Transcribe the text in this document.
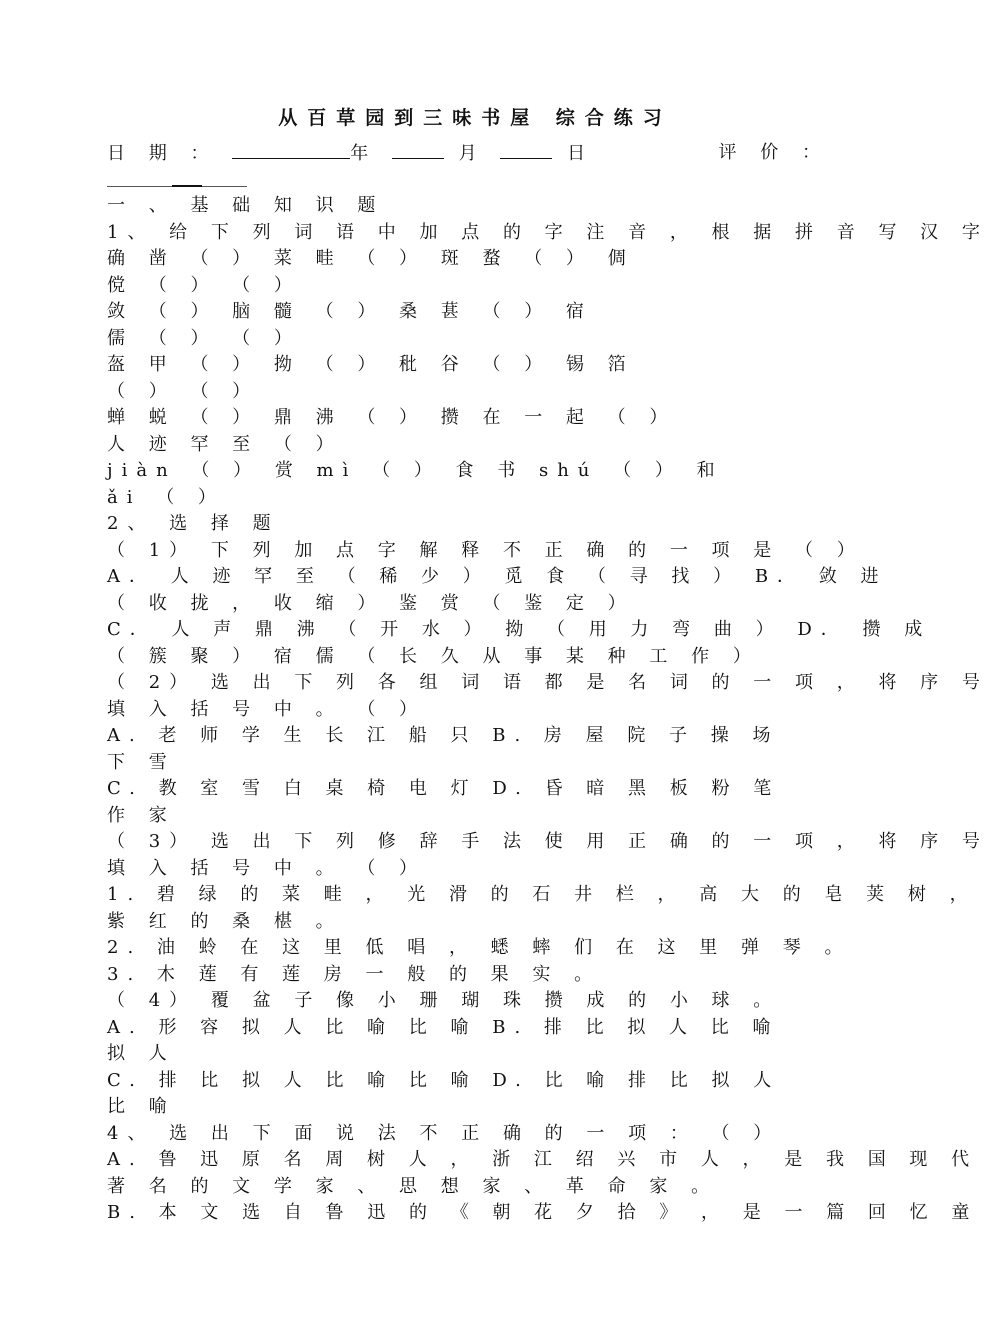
从百草园到三味书屋 综合练习
日 期 ：	年	月	日	评 价 ：
一 、 基 础 知 识 题
1、 给 下 列 词 语 中 加 点 的 字 注 音 ， 根 据 拼 音 写 汉 字
确 凿 （ ） 菜 畦 （ ） 斑 蝥 （ ） 倜
傥 （ ） （ ）
敛 （ ） 脑 髓 （ ） 桑 葚 （ ） 宿
儒 （ ） （ ）
盔 甲 （ ） 拗 （ ） 秕 谷 （ ） 锡 箔
（ ） （ ）
蝉 蜕 （ ） 鼎 沸 （ ） 攒 在 一 起 （ ）
人 迹 罕 至 （ ）
jiàn （ ） 赏 mì （ ） 食 书 shú （ ） 和
ǎi （ ）
2、 选 择 题
（ 1） 下 列 加 点 字 解 释 不 正 确 的 一 项 是 （ ）
A． 人 迹 罕 至 （ 稀 少 ） 觅 食 （ 寻 找 ） B． 敛 进
（ 收 拢 ， 收 缩 ） 鉴 赏 （ 鉴 定 ）
C． 人 声 鼎 沸 （ 开 水 ） 拗 （ 用 力 弯 曲 ） D． 攒 成
（ 簇 聚 ） 宿 儒 （ 长 久 从 事 某 种 工 作 ）
（ 2） 选 出 下 列 各 组 词 语 都 是 名 词 的 一 项 ， 将 序 号
填 入 括 号 中 。 （ ）
A. 老 师 学 生 长 江 船 只 B. 房 屋 院 子 操 场
下 雪
C. 教 室 雪 白 桌 椅 电 灯 D. 昏 暗 黑 板 粉 笔
作 家
（ 3） 选 出 下 列 修 辞 手 法 使 用 正 确 的 一 项 ， 将 序 号
填 入 括 号 中 。 （ ）
1. 碧 绿 的 菜 畦 ， 光 滑 的 石 井 栏 ， 高 大 的 皂 荚 树 ，
紫 红 的 桑 椹 。
2. 油 蛉 在 这 里 低 唱 ， 蟋 蟀 们 在 这 里 弹 琴 。
3. 木 莲 有 莲 房 一 般 的 果 实 。
（ 4） 覆 盆 子 像 小 珊 瑚 珠 攒 成 的 小 球 。
A. 形 容 拟 人 比 喻 比 喻 B. 排 比 拟 人 比 喻
拟 人
C. 排 比 拟 人 比 喻 比 喻 D. 比 喻 排 比 拟 人
比 喻
4、 选 出 下 面 说 法 不 正 确 的 一 项 ： （ ）
A. 鲁 迅 原 名 周 树 人 ， 浙 江 绍 兴 市 人 ， 是 我 国 现 代
著 名 的 文 学 家 、 思 想 家 、 革 命 家 。
B. 本 文 选 自 鲁 迅 的 《 朝 花 夕 拾 》 ， 是 一 篇 回 忆 童
